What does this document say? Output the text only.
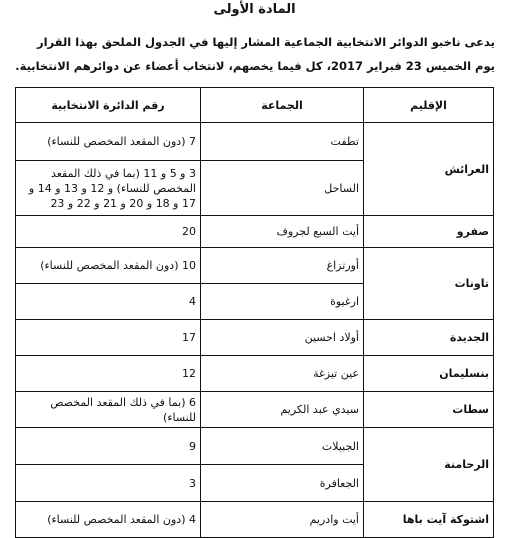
المادة الأولى
يدعى ناخبو الدوائر الانتخابية الجماعية المشار إليها في الجدول الملحق بهذا القرار يوم الخميس 23 فبراير 2017، كل فيما يخصهم، لانتخاب أعضاء عن دوائرهم الانتخابية.
الإقليم	الجماعة	رقم الدائرة الانتخابية
العرائش	تطفت	7 (دون المقعد المخصص للنساء)
	الساحل	3 و 5 و 11 (بما في ذلك المقعد المخصص للنساء) و 12 و 13 و 14 و 17 و 18 و 20 و 21 و 22 و 23
صفرو	أيت السبع لجروف	20
تاونات	أورتزاغ	10 (دون المقعد المخصص للنساء)
	ارغيوة	4
الجديدة	أولاد احسين	17
بنسليمان	عين تيزغة	12
سطات	سيدي عبد الكريم	6 (بما في ذلك المقعد المخصص للنساء)
الرحامنة	الجبيلات	9
	الجعافرة	3
اشتوكة آيت باها	أيت وادريم	4 (دون المقعد المخصص للنساء)
